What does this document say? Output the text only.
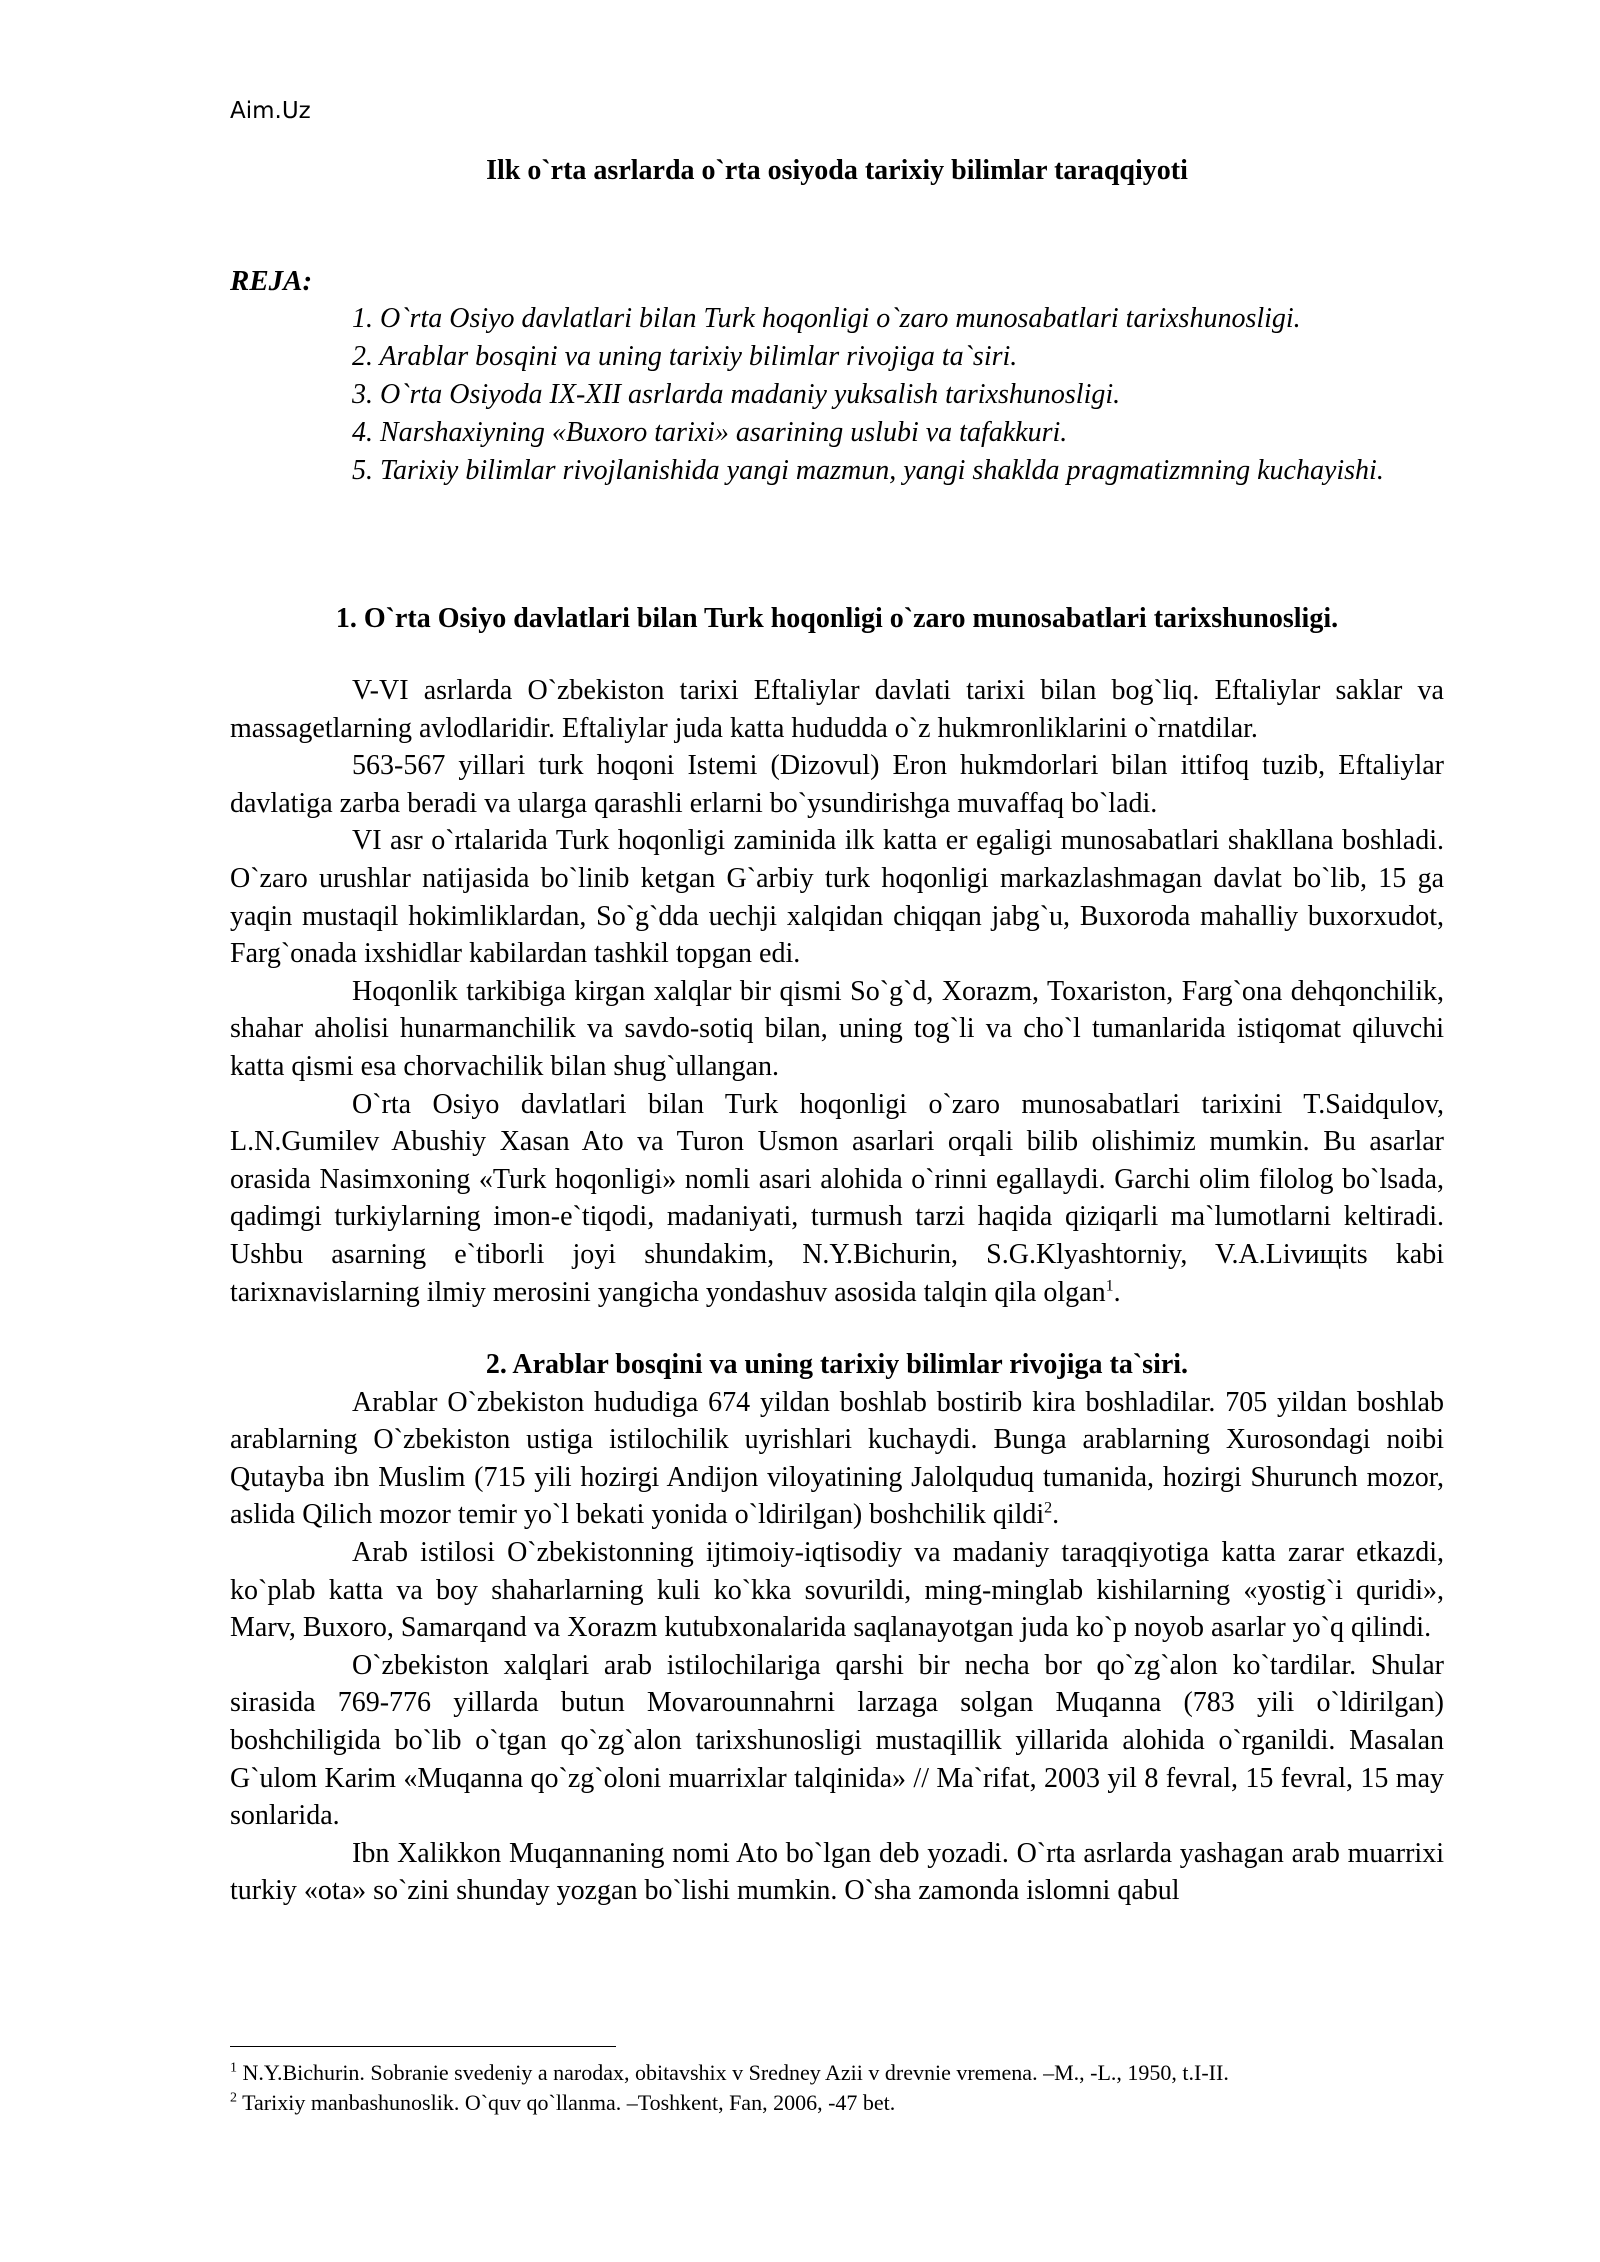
Aim.Uz
Ilk o`rta asrlarda o`rta osiyoda tarixiy bilimlar taraqqiyoti
REJA:
1. O`rta Osiyo davlatlari bilan Turk hoqonligi o`zaro munosabatlari tarixshunosligi.
2. Arablar bosqini va uning tarixiy bilimlar rivojiga ta`siri.
3. O`rta Osiyoda IX-XII asrlarda madaniy yuksalish tarixshunosligi.
4. Narshaxiyning «Buxoro tarixi» asarining uslubi va tafakkuri.
5. Tarixiy bilimlar rivojlanishida yangi mazmun, yangi shaklda pragmatizmning kuchayishi.
1. O`rta Osiyo davlatlari bilan Turk hoqonligi o`zaro munosabatlari tarixshunosligi.

V-VI asrlarda O`zbekiston tarixi Eftaliylar davlati tarixi bilan bog`liq. Eftaliylar saklar va massagetlarning avlodlaridir. Eftaliylar juda katta hududda o`z hukmronliklarini o`rnatdilar.

563-567 yillari turk hoqoni Istemi (Dizovul) Eron hukmdorlari bilan ittifoq tuzib, Eftaliylar davlatiga zarba beradi va ularga qarashli erlarni bo`ysundirishga muvaffaq bo`ladi.

VI asr o`rtalarida Turk hoqonligi zaminida ilk katta er egaligi munosabatlari shakllana boshladi. O`zaro urushlar natijasida bo`linib ketgan G`arbiy turk hoqonligi markazlashmagan davlat bo`lib, 15 ga yaqin mustaqil hokimliklardan, So`g`dda uechji xalqidan chiqqan jabg`u, Buxoroda mahalliy buxorxudot, Farg`onada ixshidlar kabilardan tashkil topgan edi.

Hoqonlik tarkibiga kirgan xalqlar bir qismi So`g`d, Xorazm, Toxariston, Farg`ona dehqonchilik, shahar aholisi hunarmanchilik va savdo-sotiq bilan, uning tog`li va cho`l tumanlarida istiqomat qiluvchi katta qismi esa chorvachilik bilan shug`ullangan.

O`rta Osiyo davlatlari bilan Turk hoqonligi o`zaro munosabatlari tarixini T.Saidqulov, L.N.Gumilev Abushiy Xasan Ato va Turon Usmon asarlari orqali bilib olishimiz mumkin. Bu asarlar orasida Nasimxoning «Turk hoqonligi» nomli asari alohida o`rinni egallaydi. Garchi olim filolog bo`lsada, qadimgi turkiylarning imon-e`tiqodi, madaniyati, turmush tarzi haqida qiziqarli ma`lumotlarni keltiradi. Ushbu asarning e`tiborli joyi shundakim, N.Y.Bichurin, S.G.Klyashtorniy, V.A.Livищits kabi tarixnavislarning ilmiy merosini yangicha yondashuv asosida talqin qila olgan$^1$.

2. Arablar bosqini va uning tarixiy bilimlar rivojiga ta`siri.

Arablar O`zbekiston hududiga 674 yildan boshlab bostirib kira boshladilar. 705 yildan boshlab arablarning O`zbekiston ustiga istilochilik uyrishlari kuchaydi. Bunga arablarning Xurosondagi noibi Qutayba ibn Muslim (715 yili hozirgi Andijon viloyatining Jalolquduq tumanida, hozirgi Shurunch mozor, aslida Qilich mozor temir yo`l bekati yonida o`ldirilgan) boshchilik qildi$^2$.

Arab istilosi O`zbekistonning ijtimoiy-iqtisodiy va madaniy taraqqiyotiga katta zarar etkazdi, ko`plab katta va boy shaharlarning kuli ko`kka sovurildi, ming-minglab kishilarning «yostig`i quridi», Marv, Buxoro, Samarqand va Xorazm kutubxonalarida saqlanayotgan juda ko`p noyob asarlar yo`q qilindi.

O`zbekiston xalqlari arab istilochilariga qarshi bir necha bor qo`zg`alon ko`tardilar. Shular sirasida 769-776 yillarda butun Movarounnahrni larzaga solgan Muqanna (783 yili o`ldirilgan) boshchiligida bo`lib o`tgan qo`zg`alon tarixshunosligi mustaqillik yillarida alohida o`rganildi. Masalan G`ulom Karim «Muqanna qo`zg`oloni muarrixlar talqinida» // Ma`rifat, 2003 yil 8 fevral, 15 fevral, 15 may sonlarida.

Ibn Xalikkon Muqannaning nomi Ato bo`lgan deb yozadi. O`rta asrlarda yashagan arab muarrixi turkiy «ota» so`zini shunday yozgan bo`lishi mumkin. O`sha zamonda islomni qabul

$^1$ N.Y.Bichurin. Sobranie svedeniy a narodax, obitavshix v Sredney Azii v drevnie vremena. –M., -L., 1950, t.I-II.
$^2$ Tarixiy manbashunoslik. O`quv qo`llanma. –Toshkent, Fan, 2006, -47 bet.
